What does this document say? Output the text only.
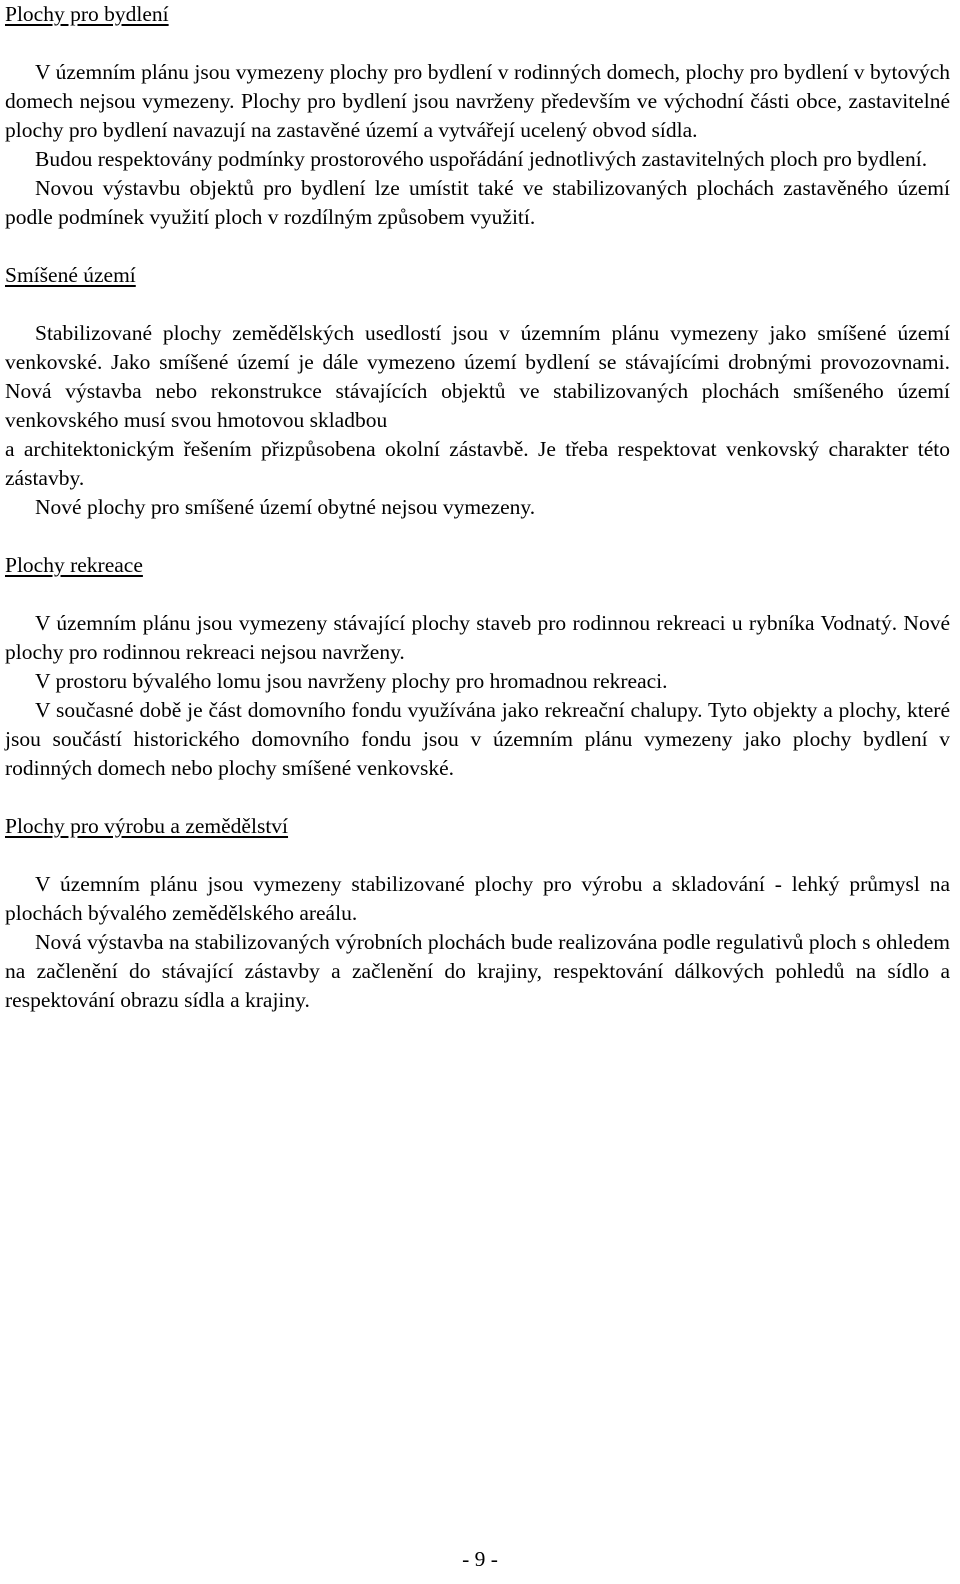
Plochy pro bydlení

V územním plánu jsou vymezeny plochy pro bydlení v rodinných domech, plochy pro bydlení v bytových domech nejsou vymezeny. Plochy pro bydlení jsou navrženy především ve východní části obce, zastavitelné plochy pro bydlení navazují na zastavěné území a vytvářejí ucelený obvod sídla.

Budou respektovány podmínky prostorového uspořádání jednotlivých zastavitelných ploch pro bydlení.

Novou výstavbu objektů pro bydlení lze umístit také ve stabilizovaných plochách zastavěného území podle podmínek využití ploch v rozdílným způsobem využití.

Smíšené území

Stabilizované plochy zemědělských usedlostí jsou v územním plánu vymezeny jako smíšené území venkovské. Jako smíšené území je dále vymezeno území bydlení se stávajícími drobnými provozovnami. Nová výstavba nebo rekonstrukce stávajících objektů ve stabilizovaných plochách smíšeného území venkovského musí svou hmotovou skladbou

a architektonickým řešením přizpůsobena okolní zástavbě. Je třeba respektovat venkovský charakter této zástavby.

Nové plochy pro smíšené území obytné nejsou vymezeny.

Plochy rekreace

V územním plánu jsou vymezeny stávající plochy staveb pro rodinnou rekreaci u rybníka Vodnatý. Nové plochy pro rodinnou rekreaci nejsou navrženy.

V prostoru bývalého lomu jsou navrženy plochy pro hromadnou rekreaci.

V současné době je část domovního fondu využívána jako rekreační chalupy. Tyto objekty a plochy, které jsou součástí historického domovního fondu jsou v územním plánu vymezeny jako plochy bydlení v rodinných domech nebo plochy smíšené venkovské.

Plochy pro výrobu a zemědělství

V územním plánu jsou vymezeny stabilizované plochy pro výrobu a skladování - lehký průmysl na plochách bývalého zemědělského areálu.

Nová výstavba na stabilizovaných výrobních plochách bude realizována podle regulativů ploch s ohledem na začlenění do stávající zástavby a začlenění do krajiny, respektování dálkových pohledů na sídlo a respektování obrazu sídla a krajiny.

- 9 -
